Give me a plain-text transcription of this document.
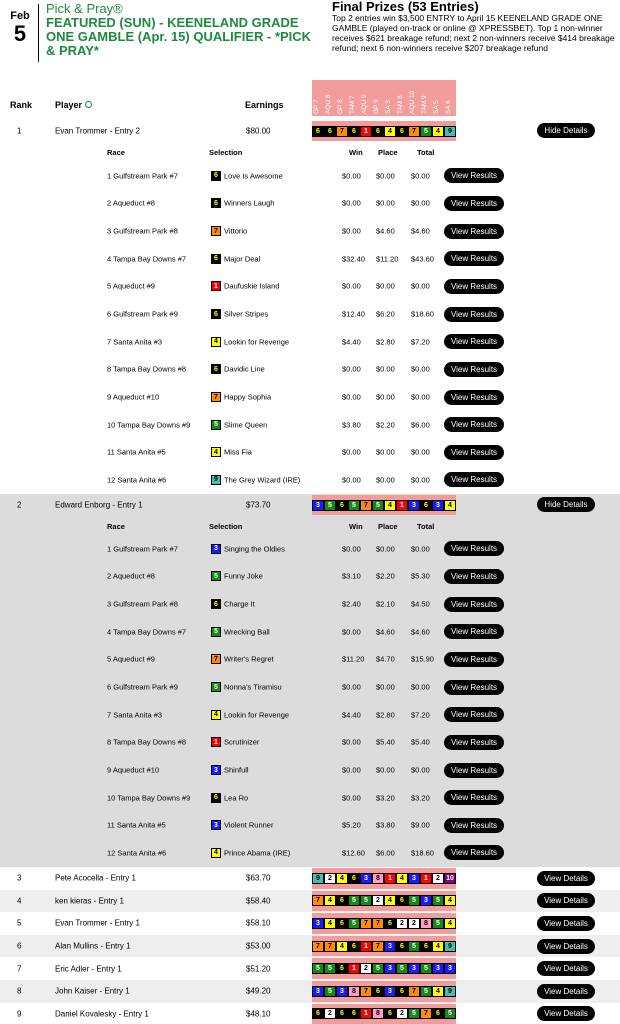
Feb
5
Pick & Pray®
FEATURED (SUN) - KEENELAND GRADE ONE GAMBLE (Apr. 15) QUALIFIER - *PICK & PRAY*
Final Prizes (53 Entries)
Top 2 entries win $3,500 ENTRY to April 15 KEENELAND GRADE ONE GAMBLE (played on-track or online @ XPRESSBET). Top 1 non-winner receives $621 breakage refund; next 2 non-winners receive $414 breakage refund; next 6 non-winners receive $207 breakage refund
Rank	Player	Earnings	GP 7 AQU 8 GP 8 TAM 7 AQU 9 GP 9 SA 3 TAM 8 AQU 10 TAM 9 SA 5 SA 6
1	Evan Trommer - Entry 2	$80.00	6	6	7	6	1	6	4	6	7	5	4	9	Hide Details
Race	Selection	Win Place	Total
1 Gulfstream Park #7	6 Love Is Awesome	$0.00 $0.00 $0.00	View Results
2 Aqueduct #8	6 Winners Laugh	$0.00 $0.00 $0.00	View Results
3 Gulfstream Park #8	7 Vittorio	$0.00 $4.60 $4.60	View Results
4 Tampa Bay Downs #7	6 Major Deal	$32.40 $11.20 $43.60	View Results
5 Aqueduct #9	1 Daufuskie Island	$0.00 $0.00 $0.00	View Results
6 Gulfstream Park #9	6 Silver Stripes	$12.40 $6.20 $18.60	View Results
7 Santa Anita #3	4 Lookin for Revenge	$4.40 $2.80 $7.20	View Results
8 Tampa Bay Downs #8	6 Davidic Line	$0.00 $0.00 $0.00	View Results
9 Aqueduct #10	7 Happy Sophia	$0.00 $0.00 $0.00	View Results
10 Tampa Bay Downs #9	5 Slime Queen	$3.80 $2.20 $6.00	View Results
11 Santa Anita #5	4 Miss Fia	$0.00 $0.00 $0.00	View Results
12 Santa Anita #6	9 The Grey Wizard (IRE)	$0.00 $0.00 $0.00	View Results
2	Edward Enborg - Entry 1	$73.70	3	5	6	5	7	5	4	1	3	6	3	4	Hide Details
Race	Selection	Win Place	Total
1 Gulfstream Park #7	3 Singing the Oldies	$0.00 $0.00 $0.00	View Results
2 Aqueduct #8	5 Funny Joke	$3.10 $2.20 $5.30	View Results
3 Gulfstream Park #8	6 Charge It	$2.40 $2.10 $4.50	View Results
4 Tampa Bay Downs #7	5 Wrecking Ball	$0.00 $4.60 $4.60	View Results
5 Aqueduct #9	7 Writer's Regret	$11.20 $4.70 $15.90	View Results
6 Gulfstream Park #9	5 Nonna's Tiramisu	$0.00 $0.00 $0.00	View Results
7 Santa Anita #3	4 Lookin for Revenge	$4.40 $2.80 $7.20	View Results
8 Tampa Bay Downs #8	1 Scrutinizer	$0.00 $5.40 $5.40	View Results
9 Aqueduct #10	3 Shinfull	$0.00 $0.00 $0.00	View Results
10 Tampa Bay Downs #9	6 Lea Ro	$0.00 $3.20 $3.20	View Results
11 Santa Anita #5	3 Violent Runner	$5.20 $3.80 $9.00	View Results
12 Santa Anita #6	4 Prince Abama (IRE)	$12.60 $6.00 $18.60	View Results
3	Pete Acocella - Entry 1	$63.70	9	2	4	6	3	8	1	4	3	1	2 10	View Details
4	ken kieras - Entry 1	$58.40	7	4	6	5	5	2	4	6	5	3	5	4	View Details
5	Evan Trommer - Entry 1	$58.10	3	4	6	5	7	7	6	2	2	8	5	4	View Details
6	Alan Mullins - Entry 1	$53.00	7	7	4	6	1	7	3	6	5	6	4	9	View Details
7	Eric Adler - Entry 1	$51.20	5	5	6	1	2	5	3	5	3	5	3	3	View Details
8	John Kaiser - Entry 1	$49.20	3	5	3	8	7	6	3	6	7	5	4	9	View Details
9	Daniel Kovalesky - Entry 1	$48.10	6	2	6	6	1	8	6	2	5	7	6	5	View Details
